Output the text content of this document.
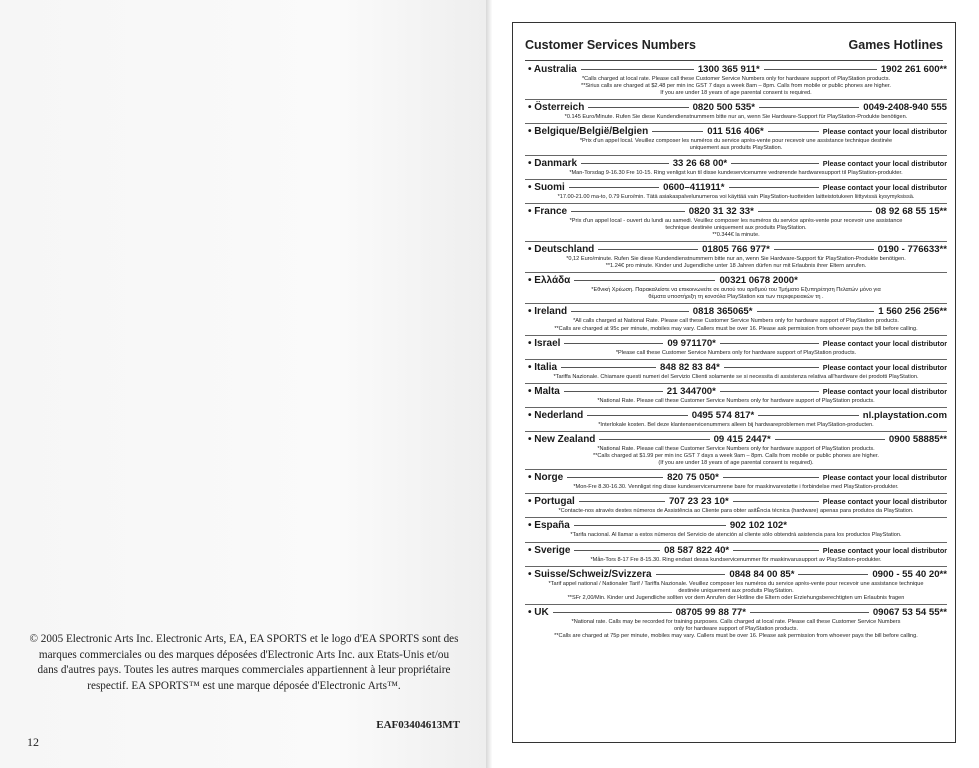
© 2005 Electronic Arts Inc. Electronic Arts, EA, EA SPORTS et le logo d'EA SPORTS sont des marques commerciales ou des marques déposées d'Electronic Arts Inc. aux Etats-Unis et/ou dans d'autres pays. Toutes les autres marques commerciales appartiennent à leur propriétaire respectif. EA SPORTS™ est une marque déposée d'Electronic Arts™.
EAF03404613MT
12
Customer Services Numbers	Games Hotlines
• Australia	1300 365 911*	1902 261 600**
*Calls charged at local rate. Please call these Customer Service Numbers only for hardware support of PlayStation products.
**Sirius calls are charged at $2.48 per min inc GST 7 days a week 8am – 8pm. Calls from mobile or public phones are higher.
If you are under 18 years of age parental consent is required.
• Österreich	0820 500 535*	0049-2408-940 555
*0.145 Euro/Minute. Rufen Sie diese Kundendienstnummern bitte nur an, wenn Sie Hardware-Support für PlayStation-Produkte benötigen.
• Belgique/België/Belgien	011 516 406*	Please contact your local distributor
*Prix d'un appel local. Veuillez composer les numéros du service après-vente pour recevoir une assistance technique destinée
uniquement aux produits PlayStation.
• Danmark	33 26 68 00*	Please contact your local distributor
*Man-Torsdag 9-16.30 Fre 10-15. Ring venligst kun til disse kundeservicenumre vedrørende hardwaresupport til PlayStation-produkter.
• Suomi	0600–411911*	Please contact your local distributor
*17.00-21.00 ma-to, 0.79 Euro/min. Tätä asiakaspalvelunumeroa voi käyttää vain PlayStation-tuotteiden laitteistotukeen liittyvissä kysymyksissä.
• France	0820 31 32 33*	08 92 68 55 15**
*Prix d'un appel local - ouvert du lundi au samedi. Veuillez composer les numéros du service après-vente pour recevoir une assistance
technique destinée uniquement aux produits PlayStation.
**0.344€ la minute.
• Deutschland	01805 766 977*	0190 - 776633**
*0,12 Euro/minute. Rufen Sie diese Kundendienstnummern bitte nur an, wenn Sie Hardware-Support für PlayStation-Produkte benötigen.
**1.24€ pro minute. Kinder und Jugendliche unter 18 Jahren dürfen nur mit Erlaubnis ihrer Eltern anrufen.
• Ελλάδα	00321 0678 2000*
*Εθνική Χρέωση. Παρακαλείστε να επικοινωνείτε σε αυτού του αριθμού του Τμήματο Εξυπηρέτηση Πελατών μόνο για
θέματα υποστήριξη τη κονσόλα PlayStation και των περιφερειακών τη .
• Ireland	0818 365065*	1 560 256 256**
*All calls charged at National Rate. Please call these Customer Service Numbers only for hardware support of PlayStation products.
**Calls are charged at 95c per minute, mobiles may vary. Callers must be over 16. Please ask permission from whoever pays the bill before calling.
• Israel	09 971170*	Please contact your local distributor
*Please call these Customer Service Numbers only for hardware support of PlayStation products.
• Italia	848 82 83 84*	Please contact your local distributor
*Tariffa Nazionale. Chiamare questi numeri del Servizio Clienti solamente se si necessita di assistenza relativa all'hardware dei prodotti PlayStation.
• Malta	21 344700*	Please contact your local distributor
*National Rate. Please call these Customer Service Numbers only for hardware support of PlayStation products.
• Nederland	0495 574 817*	nl.playstation.com
*Interlokale kosten. Bel deze klantenservicenummers alleen bij hardwareproblemen met PlayStation-producten.
• New Zealand	09 415 2447*	0900 58885**
*National Rate. Please call these Customer Service Numbers only for hardware support of PlayStation products.
**Calls charged at $1.99 per min inc GST 7 days a week 9am – 8pm. Calls from mobile or public phones are higher.
(If you are under 18 years of age parental consent is required).
• Norge	820 75 050*	Please contact your local distributor
*Mon-Fre 8.30-16.30. Vennligst ring disse kundeservicenumrene bare for maskinvarestøtte i forbindelse med PlayStation-produkter.
• Portugal	707 23 23 10*	Please contact your local distributor
*Contacte-nos através destes números de Assistência ao Cliente para obter asitÊncia técnica (hardware) apenas para produtos da PlayStation.
• España	902 102 102*
*Tarifa nacional. Al llamar a estos números del Servicio de atención al cliente sólo obtendrá asistencia para los productos PlayStation.
• Sverige	08 587 822 40*	Please contact your local distributor
*Mån-Tors 8-17 Fre 8-15.30. Ring endast dessa kundservicenummer för maskinvarusupport av PlayStation-produkter.
• Suisse/Schweiz/Svizzera	0848 84 00 85*	0900 - 55 40 20**
*Tarif appel national / Nationaler Tarif / Tariffa Nazionale. Veuillez composer les numéros du service après-vente pour recevoir une assistance technique
destinée uniquement aux produits PlayStation.
**SFr 2,00/Min. Kinder und Jugendliche sollten vor dem Anrufen der Hotline die Eltern oder Erziehungsberechtigten um Erlaubnis fragen
• UK	08705 99 88 77*	09067 53 54 55**
*National rate. Calls may be recorded for training purposes. Calls charged at local rate. Please call these Customer Service Numbers
only for hardware support of PlayStation products.
**Calls are charged at 75p per minute, mobiles may vary. Callers must be over 16. Please ask permission from whoever pays the bill before calling.
